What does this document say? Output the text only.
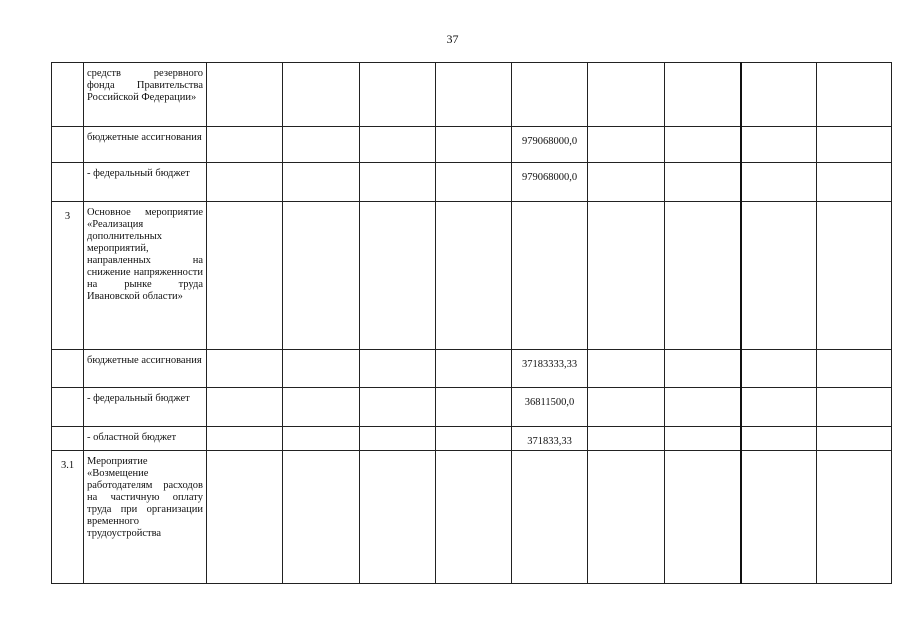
37
	средств резервного фонда Правительства Российской Федерации»									
	бюджетные ассигнования					979068000,0				
	- федеральный бюджет					979068000,0				
3	Основное мероприятие «Реализация дополнительных мероприятий, направленных на снижение напряженности на рынке труда Ивановской области»									
	бюджетные ассигнования					37183333,33				
	- федеральный бюджет					36811500,0				
	- областной бюджет					371833,33				
3.1	Мероприятие «Возмещение работодателям расходов на частичную оплату труда при организации временного трудоустройства									
